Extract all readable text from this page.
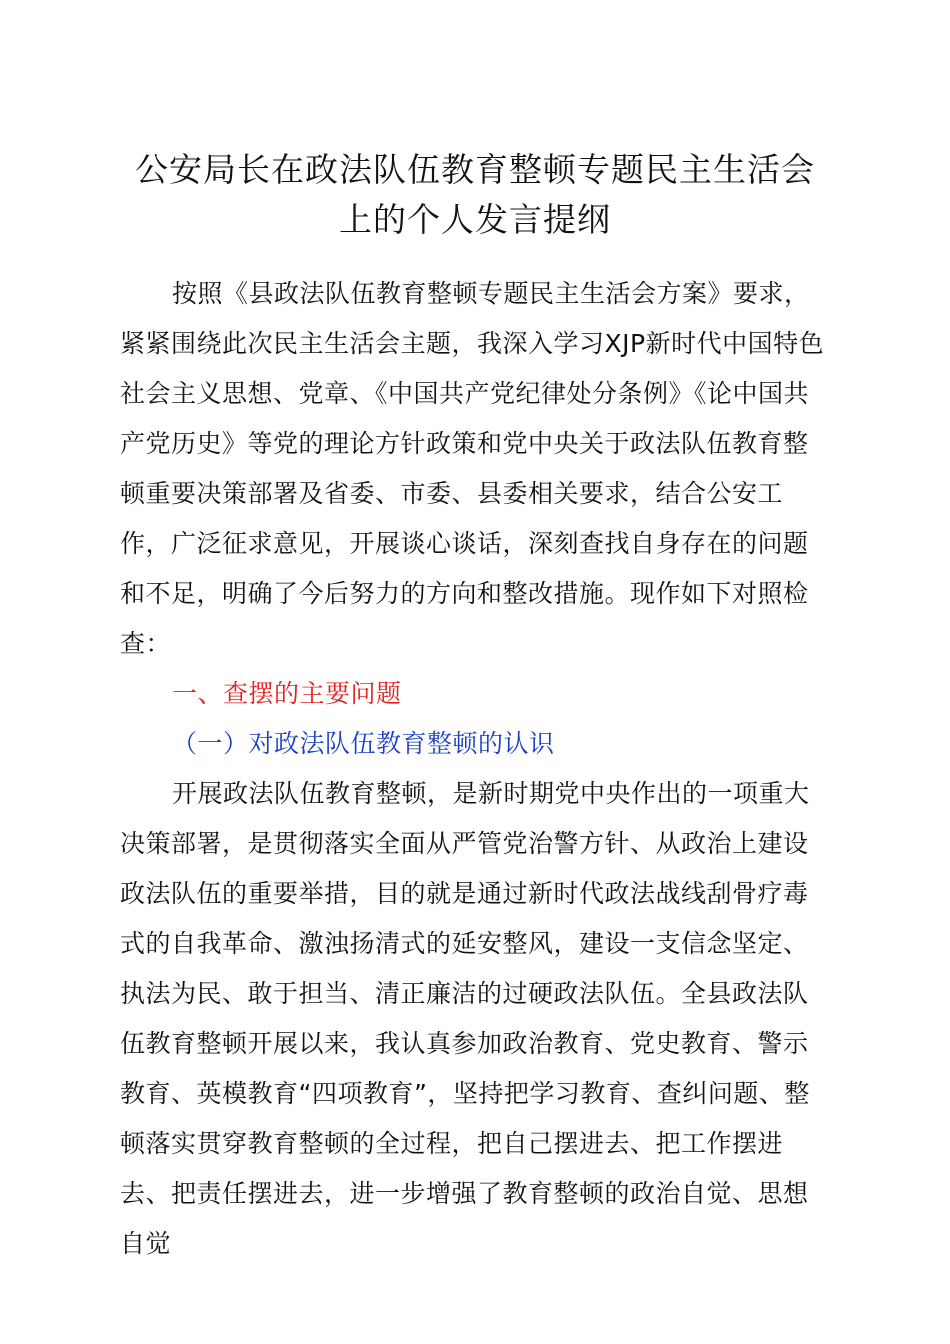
公安局长在政法队伍教育整顿专题民主生活会
上的个人发言提纲

按照《县政法队伍教育整顿专题民主生活会方案》要求，紧紧围绕此次民主生活会主题，我深入学习XJP新时代中国特色社会主义思想、党章、《中国共产党纪律处分条例》《论中国共产党历史》等党的理论方针政策和党中央关于政法队伍教育整顿重要决策部署及省委、市委、县委相关要求，结合公安工作，广泛征求意见，开展谈心谈话，深刻查找自身存在的问题和不足，明确了今后努力的方向和整改措施。现作如下对照检查：

一、查摆的主要问题

（一）对政法队伍教育整顿的认识

开展政法队伍教育整顿，是新时期党中央作出的一项重大决策部署，是贯彻落实全面从严管党治警方针、从政治上建设政法队伍的重要举措，目的就是通过新时代政法战线刮骨疗毒式的自我革命、激浊扬清式的延安整风，建设一支信念坚定、执法为民、敢于担当、清正廉洁的过硬政法队伍。全县政法队伍教育整顿开展以来，我认真参加政治教育、党史教育、警示教育、英模教育“四项教育”，坚持把学习教育、查纠问题、整顿落实贯穿教育整顿的全过程，把自己摆进去、把工作摆进去、把责任摆进去，进一步增强了教育整顿的政治自觉、思想自觉
